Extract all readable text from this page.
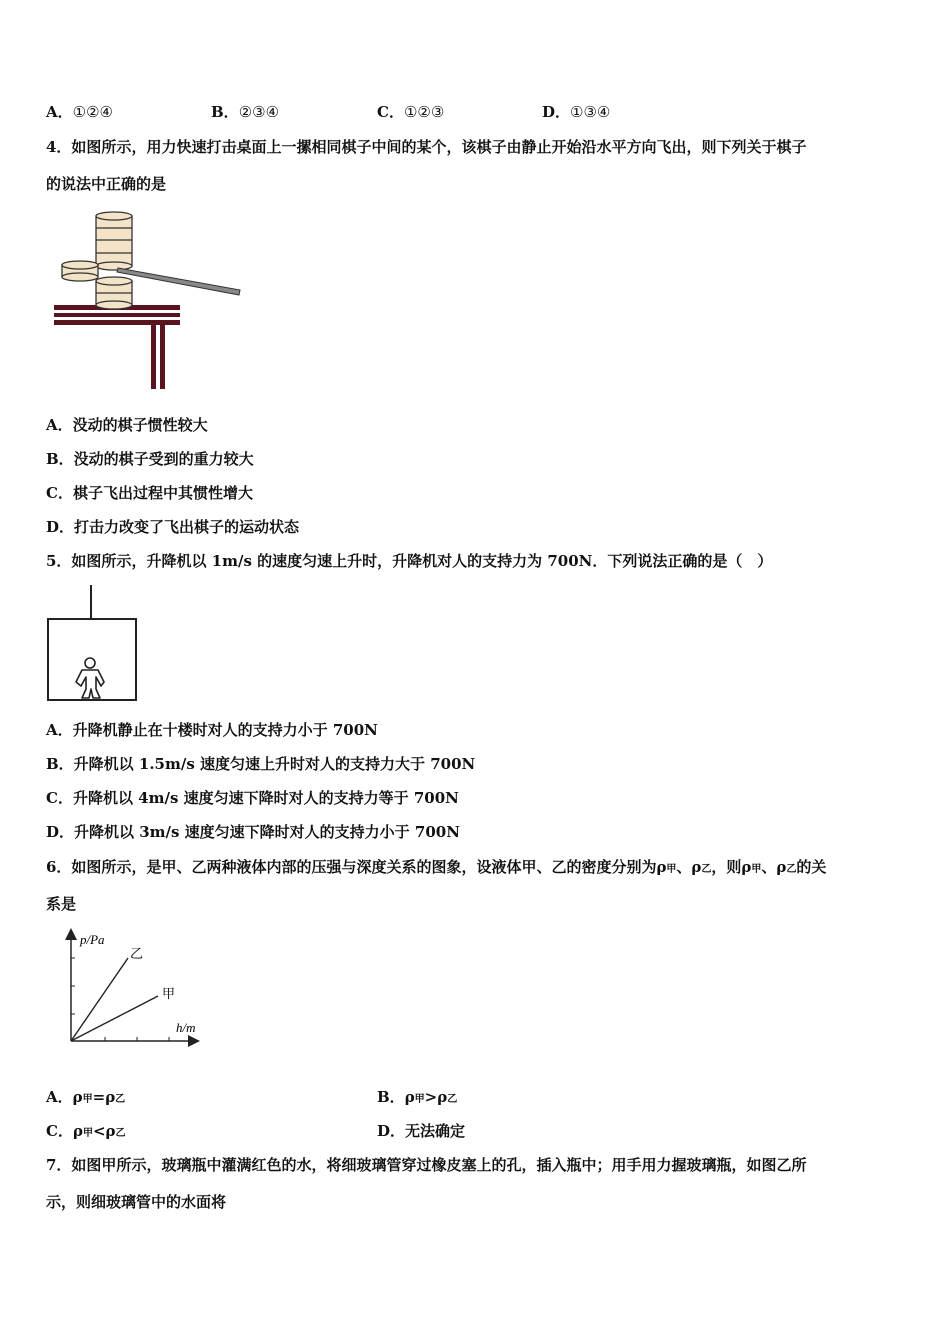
A．①②④	B．②③④	C．①②③	D．①③④
4．如图所示，用力快速打击桌面上一摞相同棋子中间的某个，该棋子由静止开始沿水平方向飞出，则下列关于棋子
的说法中正确的是
A．没动的棋子惯性较大
B．没动的棋子受到的重力较大
C．棋子飞出过程中其惯性增大
D．打击力改变了飞出棋子的运动状态
5．如图所示，升降机以 1m/s 的速度匀速上升时，升降机对人的支持力为 700N．下列说法正确的是（　）
A．升降机静止在十楼时对人的支持力小于 700N
B．升降机以 1.5m/s 速度匀速上升时对人的支持力大于 700N
C．升降机以 4m/s 速度匀速下降时对人的支持力等于 700N
D．升降机以 3m/s 速度匀速下降时对人的支持力小于 700N
6．如图所示，是甲、乙两种液体内部的压强与深度关系的图象，设液体甲、乙的密度分别为ρ甲、ρ乙，则ρ甲、ρ乙的关
系是
p/Pa
h/m
乙
甲
A．ρ甲=ρ乙	B．ρ甲>ρ乙
C．ρ甲<ρ乙	D．无法确定
7．如图甲所示，玻璃瓶中灌满红色的水，将细玻璃管穿过橡皮塞上的孔，插入瓶中；用手用力握玻璃瓶，如图乙所
示，则细玻璃管中的水面将
